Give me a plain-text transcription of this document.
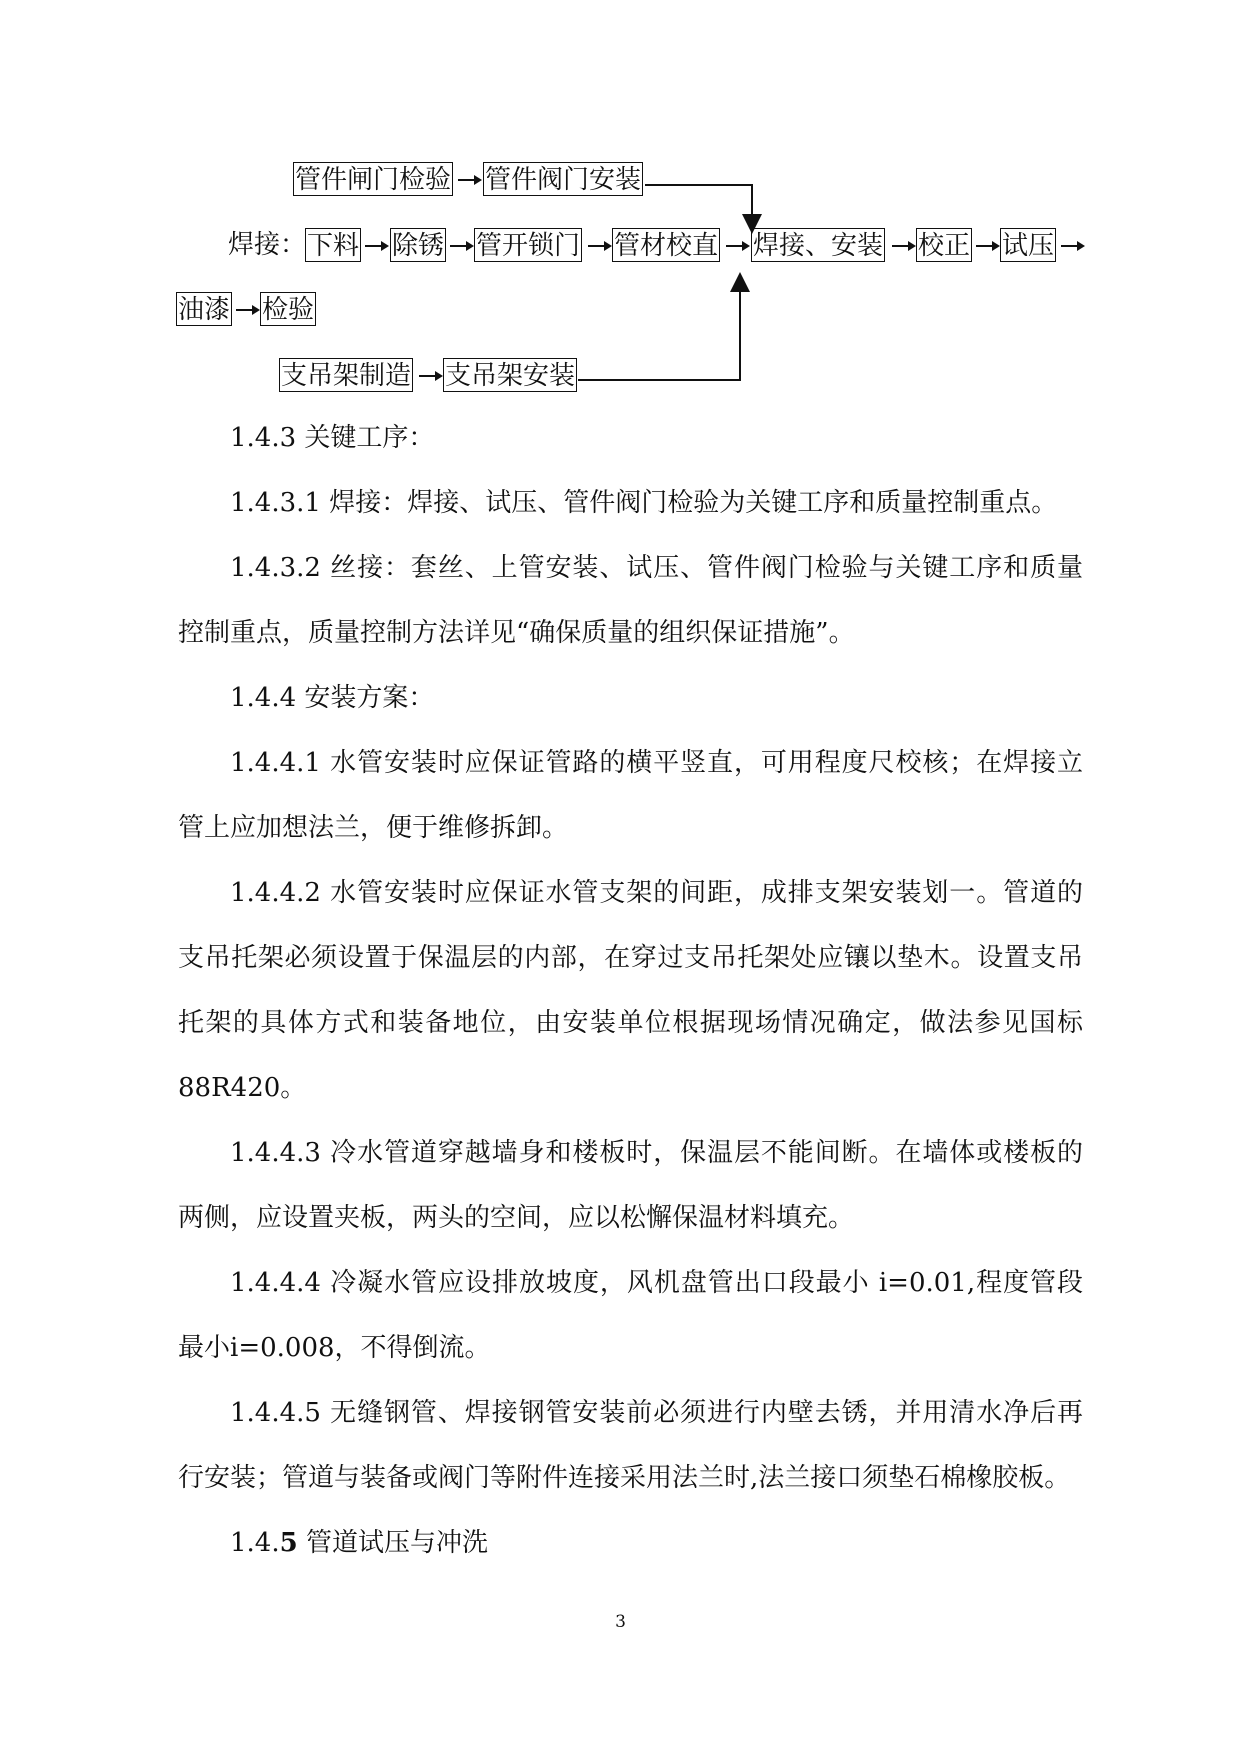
管件闸门检验 管件阀门安装
焊接： 下料 除锈 管开锁门 管材校直 焊接、安装 校正 试压
油漆 检验
支吊架制造 支吊架安装

1.4.3 关键工序：

1.4.3.1 焊接：焊接、试压、管件阀门检验为关键工序和质量控制重点。

1.4.3.2 丝接：套丝、上管安装、试压、管件阀门检验与关键工序和质量控制重点，质量控制方法详见“确保质量的组织保证措施”。

1.4.4 安装方案：

1.4.4.1 水管安装时应保证管路的横平竖直，可用程度尺校核；在焊接立管上应加想法兰，便于维修拆卸。

1.4.4.2 水管安装时应保证水管支架的间距，成排支架安装划一。管道的支吊托架必须设置于保温层的内部，在穿过支吊托架处应镶以垫木。设置支吊托架的具体方式和装备地位，由安装单位根据现场情况确定，做法参见国标88R420。

1.4.4.3 冷水管道穿越墙身和楼板时，保温层不能间断。在墙体或楼板的两侧，应设置夹板，两头的空间，应以松懈保温材料填充。

1.4.4.4 冷凝水管应设排放坡度，风机盘管出口段最小 i=0.01,程度管段最小i=0.008，不得倒流。

1.4.4.5 无缝钢管、焊接钢管安装前必须进行内壁去锈，并用清水净后再行安装；管道与装备或阀门等附件连接采用法兰时,法兰接口须垫石棉橡胶板。

1.4.5 管道试压与冲洗

3
